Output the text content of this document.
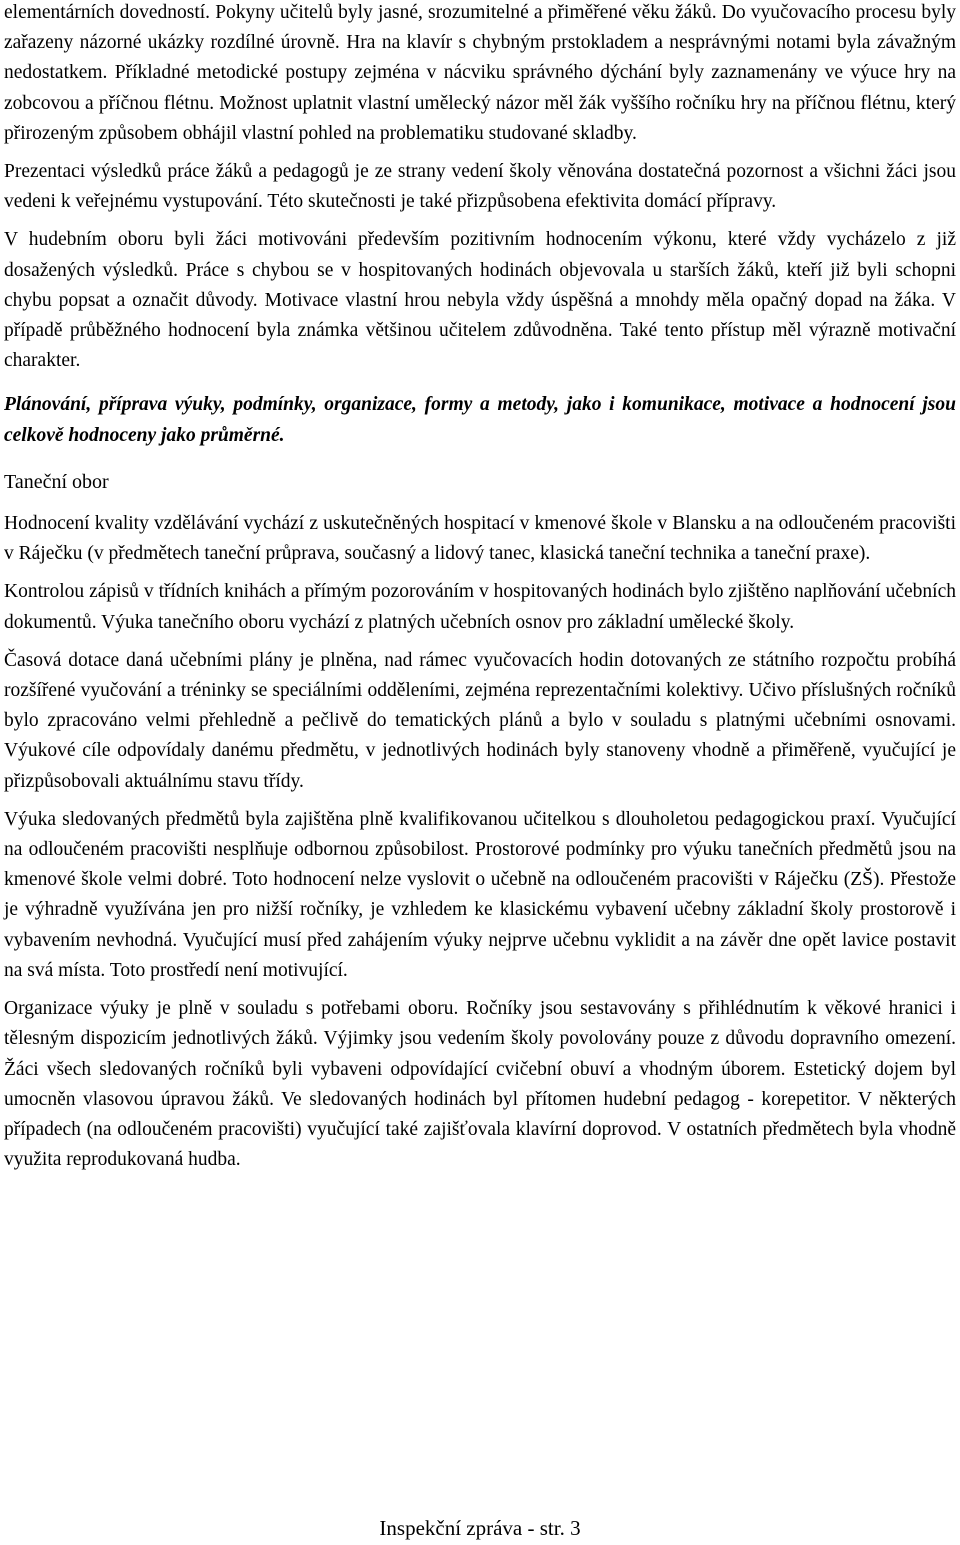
elementárních dovedností. Pokyny učitelů byly jasné, srozumitelné a přiměřené věku žáků. Do vyučovacího procesu byly zařazeny názorné ukázky rozdílné úrovně. Hra na klavír s chybným prstokladem a nesprávnými notami byla závažným nedostatkem. Příkladné metodické postupy zejména v nácviku správného dýchání byly zaznamenány ve výuce hry na zobcovou a příčnou flétnu. Možnost uplatnit vlastní umělecký názor měl žák vyššího ročníku hry na příčnou flétnu, který přirozeným způsobem obhájil vlastní pohled na problematiku studované skladby.

Prezentaci výsledků práce žáků a pedagogů je ze strany vedení školy věnována dostatečná pozornost a všichni žáci jsou vedeni k veřejnému vystupování. Této skutečnosti je také přizpůsobena efektivita domácí přípravy.

V hudebním oboru byli žáci motivováni především pozitivním hodnocením výkonu, které vždy vycházelo z již dosažených výsledků. Práce s chybou se v hospitovaných hodinách objevovala u starších žáků, kteří již byli schopni chybu popsat a označit důvody. Motivace vlastní hrou nebyla vždy úspěšná a mnohdy měla opačný dopad na žáka. V případě průběžného hodnocení byla známka většinou učitelem zdůvodněna. Také tento přístup měl výrazně motivační charakter.

Plánování, příprava výuky, podmínky, organizace, formy a metody, jako i komunikace, motivace a hodnocení jsou celkově hodnoceny jako průměrné.

Taneční obor

Hodnocení kvality vzdělávání vychází z uskutečněných hospitací v kmenové škole v Blansku a na odloučeném pracovišti v Ráječku (v předmětech taneční průprava, současný a lidový tanec, klasická taneční technika a taneční praxe).

Kontrolou zápisů v třídních knihách a přímým pozorováním v hospitovaných hodinách bylo zjištěno naplňování učebních dokumentů. Výuka tanečního oboru vychází z platných učebních osnov pro základní umělecké školy.

Časová dotace daná učebními plány je plněna, nad rámec vyučovacích hodin dotovaných ze státního rozpočtu probíhá rozšířené vyučování a tréninky se speciálními odděleními, zejména reprezentačními kolektivy. Učivo příslušných ročníků bylo zpracováno velmi přehledně a pečlivě do tematických plánů a bylo v souladu s platnými učebními osnovami. Výukové cíle odpovídaly danému předmětu, v jednotlivých hodinách byly stanoveny vhodně a přiměřeně, vyučující je přizpůsobovali aktuálnímu stavu třídy.

Výuka sledovaných předmětů byla zajištěna plně kvalifikovanou učitelkou s dlouholetou pedagogickou praxí. Vyučující na odloučeném pracovišti nesplňuje odbornou způsobilost. Prostorové podmínky pro výuku tanečních předmětů jsou na kmenové škole velmi dobré. Toto hodnocení nelze vyslovit o učebně na odloučeném pracovišti v Ráječku (ZŠ). Přestože je výhradně využívána jen pro nižší ročníky, je vzhledem ke klasickému vybavení učebny základní školy prostorově i vybavením nevhodná. Vyučující musí před zahájením výuky nejprve učebnu vyklidit a na závěr dne opět lavice postavit na svá místa. Toto prostředí není motivující.

Organizace výuky je plně v souladu s potřebami oboru. Ročníky jsou sestavovány s přihlédnutím k věkové hranici i tělesným dispozicím jednotlivých žáků. Výjimky jsou vedením školy povolovány pouze z důvodu dopravního omezení. Žáci všech sledovaných ročníků byli vybaveni odpovídající cvičební obuví a vhodným úborem. Estetický dojem byl umocněn vlasovou úpravou žáků. Ve sledovaných hodinách byl přítomen hudební pedagog - korepetitor. V některých případech (na odloučeném pracovišti) vyučující také zajišťovala klavírní doprovod. V ostatních předmětech byla vhodně využita reprodukovaná hudba.

Inspekční zpráva - str. 3
